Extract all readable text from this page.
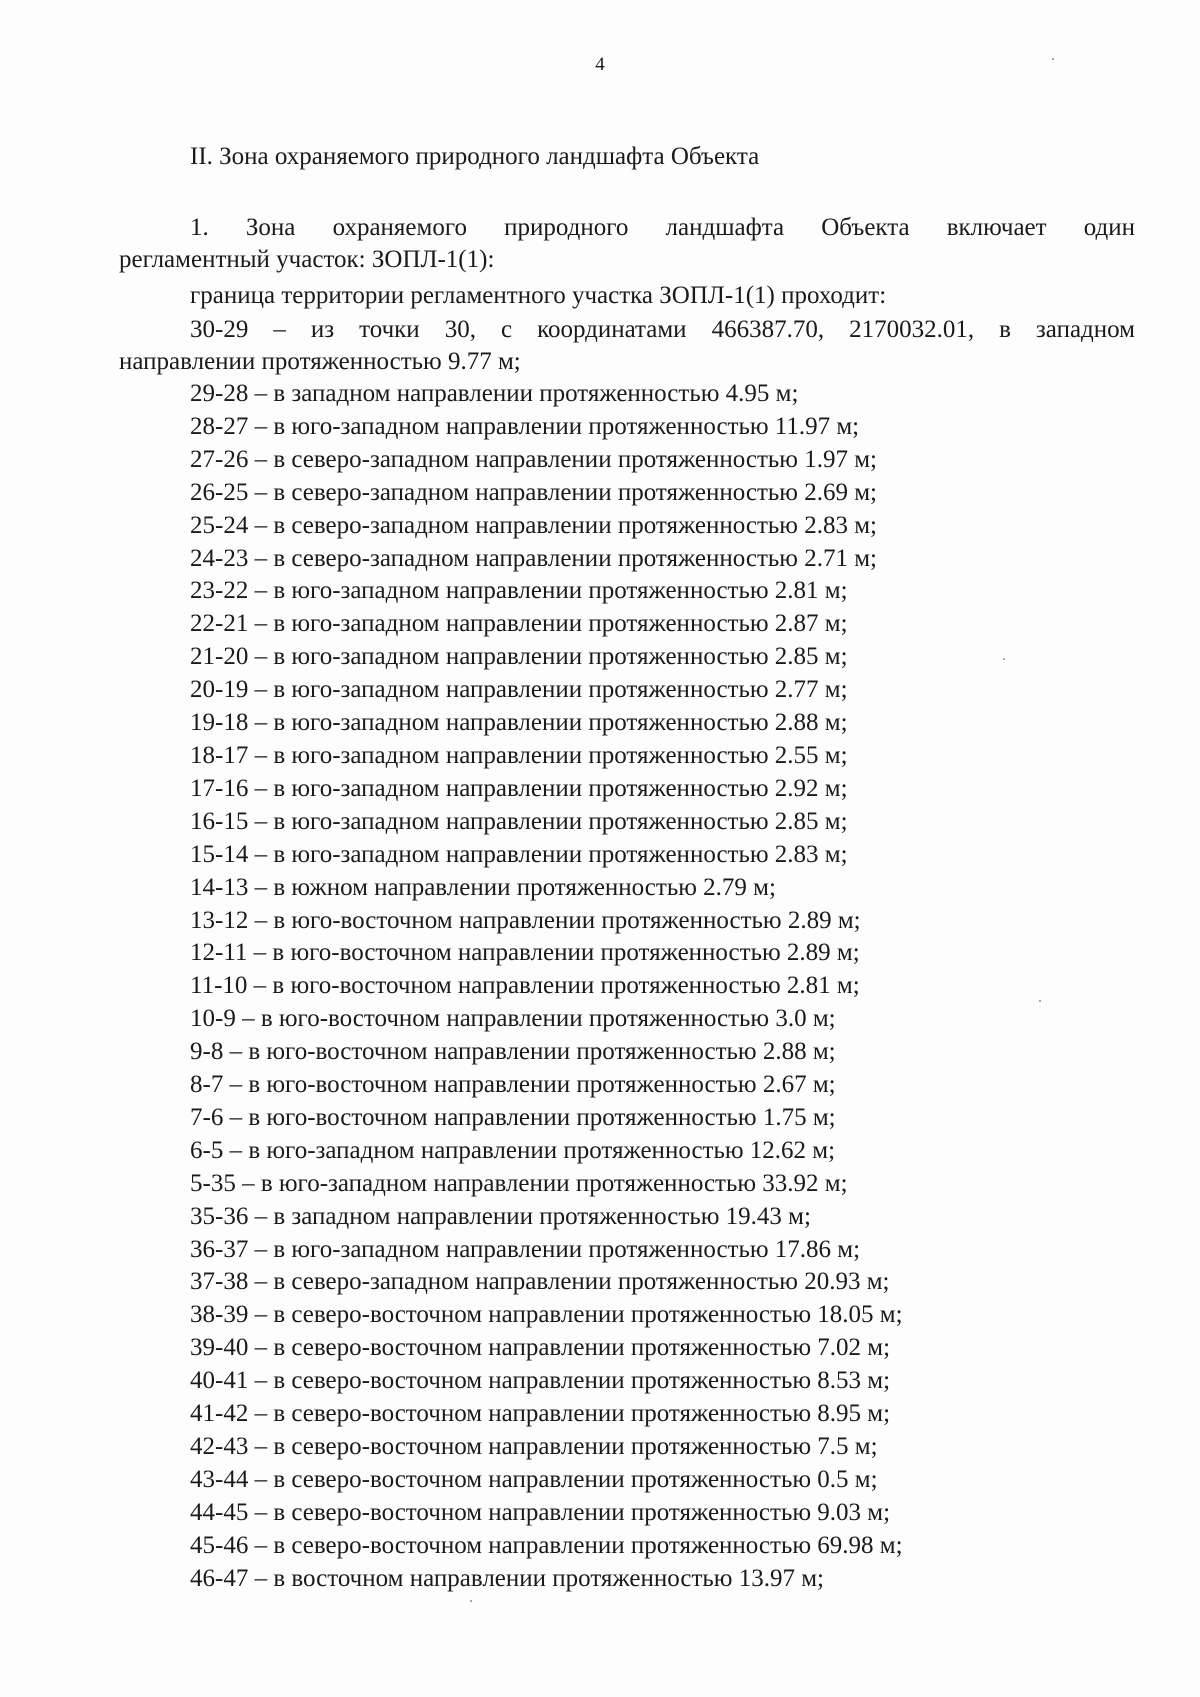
4
II. Зона охраняемого природного ландшафта Объекта
1. Зона охраняемого природного ландшафта Объекта включает один
регламентный участок: ЗОПЛ-1(1):
граница территории регламентного участка ЗОПЛ-1(1) проходит:
30-29 – из точки 30, с координатами 466387.70, 2170032.01, в западном
направлении протяженностью 9.77 м;
29-28 – в западном направлении протяженностью 4.95 м;
28-27 – в юго-западном направлении протяженностью 11.97 м;
27-26 – в северо-западном направлении протяженностью 1.97 м;
26-25 – в северо-западном направлении протяженностью 2.69 м;
25-24 – в северо-западном направлении протяженностью 2.83 м;
24-23 – в северо-западном направлении протяженностью 2.71 м;
23-22 – в юго-западном направлении протяженностью 2.81 м;
22-21 – в юго-западном направлении протяженностью 2.87 м;
21-20 – в юго-западном направлении протяженностью 2.85 м;
20-19 – в юго-западном направлении протяженностью 2.77 м;
19-18 – в юго-западном направлении протяженностью 2.88 м;
18-17 – в юго-западном направлении протяженностью 2.55 м;
17-16 – в юго-западном направлении протяженностью 2.92 м;
16-15 – в юго-западном направлении протяженностью 2.85 м;
15-14 – в юго-западном направлении протяженностью 2.83 м;
14-13 – в южном направлении протяженностью 2.79 м;
13-12 – в юго-восточном направлении протяженностью 2.89 м;
12-11 – в юго-восточном направлении протяженностью 2.89 м;
11-10 – в юго-восточном направлении протяженностью 2.81 м;
10-9 – в юго-восточном направлении протяженностью 3.0 м;
9-8 – в юго-восточном направлении протяженностью 2.88 м;
8-7 – в юго-восточном направлении протяженностью 2.67 м;
7-6 – в юго-восточном направлении протяженностью 1.75 м;
6-5 – в юго-западном направлении протяженностью 12.62 м;
5-35 – в юго-западном направлении протяженностью 33.92 м;
35-36 – в западном направлении протяженностью 19.43 м;
36-37 – в юго-западном направлении протяженностью 17.86 м;
37-38 – в северо-западном направлении протяженностью 20.93 м;
38-39 – в северо-восточном направлении протяженностью 18.05 м;
39-40 – в северо-восточном направлении протяженностью 7.02 м;
40-41 – в северо-восточном направлении протяженностью 8.53 м;
41-42 – в северо-восточном направлении протяженностью 8.95 м;
42-43 – в северо-восточном направлении протяженностью 7.5 м;
43-44 – в северо-восточном направлении протяженностью 0.5 м;
44-45 – в северо-восточном направлении протяженностью 9.03 м;
45-46 – в северо-восточном направлении протяженностью 69.98 м;
46-47 – в восточном направлении протяженностью 13.97 м;
